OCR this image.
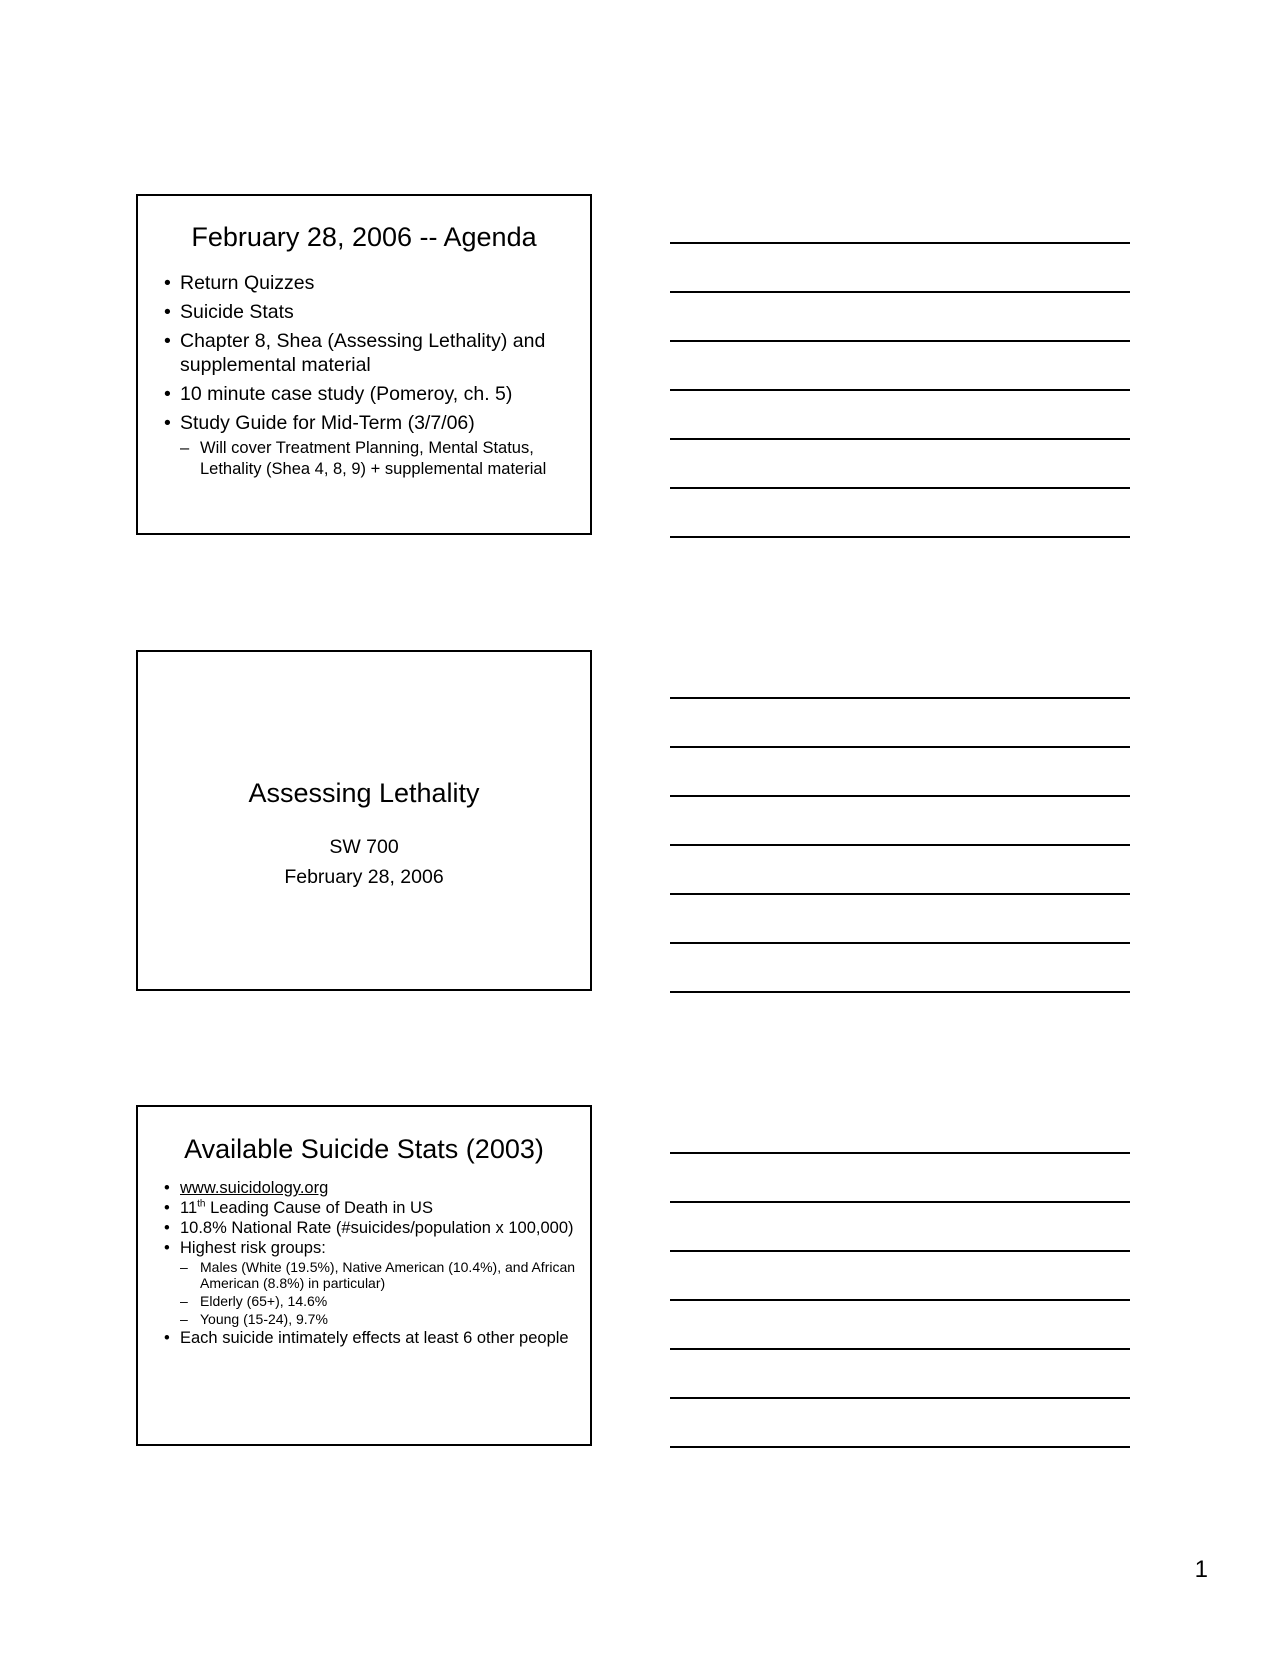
February 28, 2006 -- Agenda
• Return Quizzes
• Suicide Stats
• Chapter 8, Shea (Assessing Lethality) and supplemental material
• 10 minute case study (Pomeroy, ch. 5)
• Study Guide for Mid-Term (3/7/06)
– Will cover Treatment Planning, Mental Status, Lethality (Shea 4, 8, 9) + supplemental material
Assessing Lethality
SW 700
February 28, 2006
Available Suicide Stats (2003)
• www.suicidology.org
• 11th Leading Cause of Death in US
• 10.8% National Rate (#suicides/population x 100,000)
• Highest risk groups:
– Males (White (19.5%), Native American (10.4%), and African American (8.8%) in particular)
– Elderly (65+), 14.6%
– Young (15-24), 9.7%
• Each suicide intimately effects at least 6 other people
1
